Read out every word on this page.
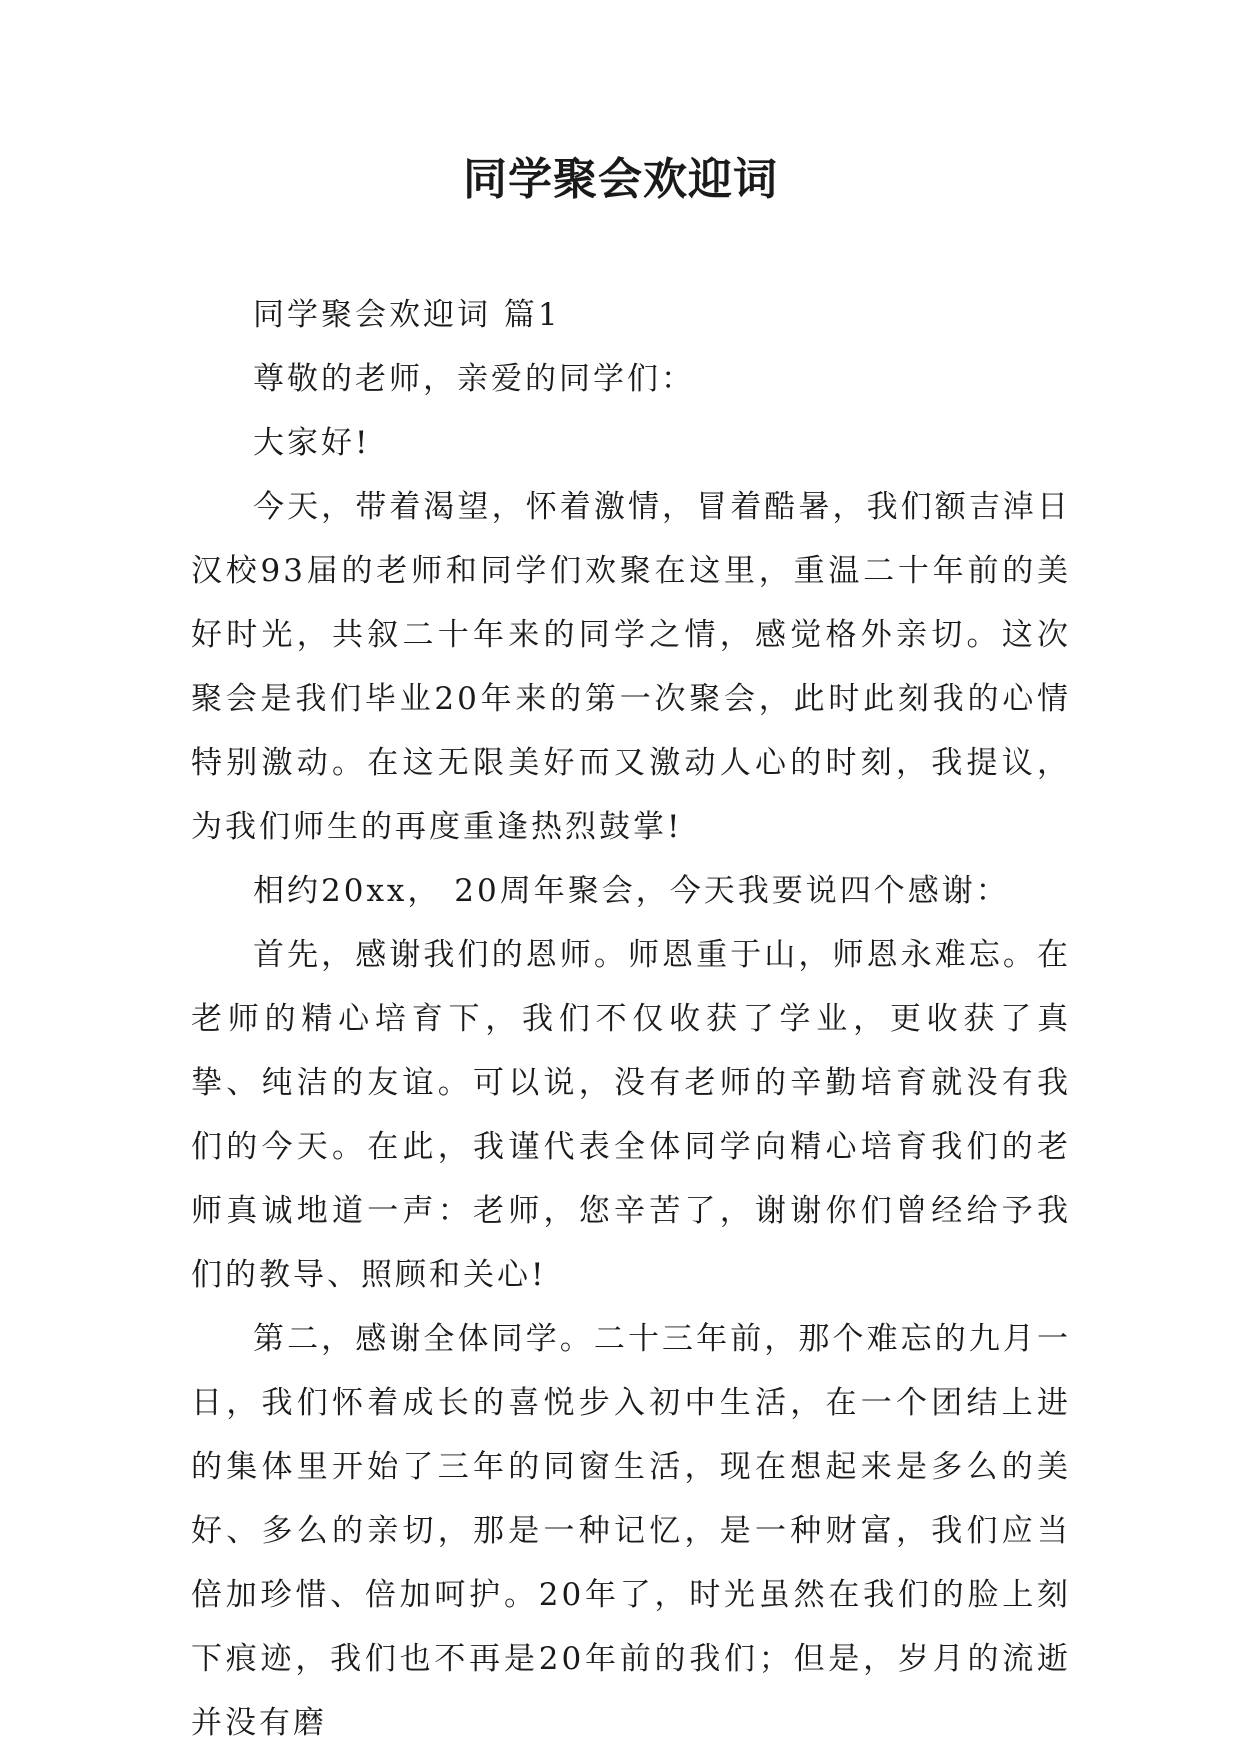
同学聚会欢迎词

同学聚会欢迎词 篇1

尊敬的老师，亲爱的同学们：

大家好!

今天，带着渴望，怀着激情，冒着酷暑，我们额吉淖日汉校93届的老师和同学们欢聚在这里，重温二十年前的美好时光，共叙二十年来的同学之情，感觉格外亲切。这次聚会是我们毕业20年来的第一次聚会，此时此刻我的心情特别激动。在这无限美好而又激动人心的时刻，我提议，为我们师生的再度重逢热烈鼓掌!

相约20xx， 20周年聚会，今天我要说四个感谢：

首先，感谢我们的恩师。师恩重于山，师恩永难忘。在老师的精心培育下，我们不仅收获了学业，更收获了真挚、纯洁的友谊。可以说，没有老师的辛勤培育就没有我们的今天。在此，我谨代表全体同学向精心培育我们的老师真诚地道一声：老师，您辛苦了，谢谢你们曾经给予我们的教导、照顾和关心!

第二，感谢全体同学。二十三年前，那个难忘的九月一日，我们怀着成长的喜悦步入初中生活，在一个团结上进的集体里开始了三年的同窗生活，现在想起来是多么的美好、多么的亲切，那是一种记忆，是一种财富，我们应当倍加珍惜、倍加呵护。20年了，时光虽然在我们的脸上刻下痕迹，我们也不再是20年前的我们；但是，岁月的流逝并没有磨
